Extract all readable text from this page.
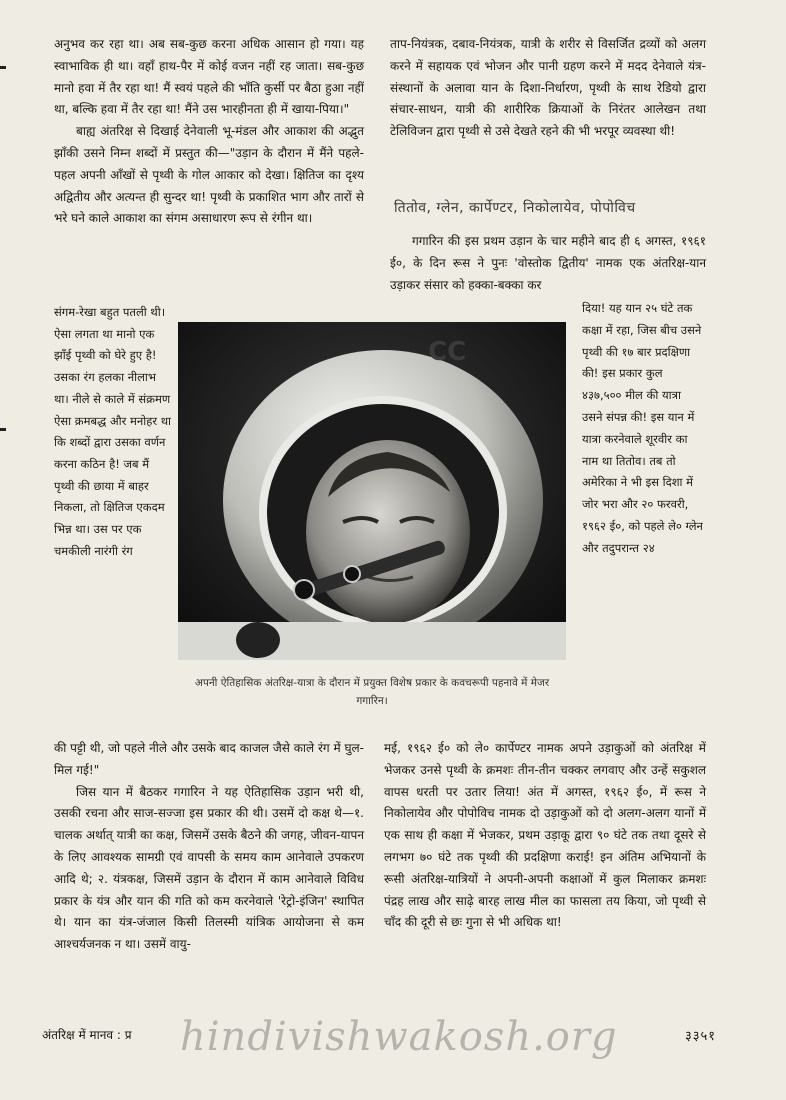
अनुभव कर रहा था। अब सब-कुछ करना अधिक आसान हो गया। यह स्वाभाविक ही था। वहाँ हाथ-पैर में कोई वजन नहीं रह जाता। सब-कुछ मानो हवा में तैर रहा था! मैं स्वयं पहले की भाँति कुर्सी पर बैठा हुआ नहीं था, बल्कि हवा में तैर रहा था! मैंने उस भारहीनता ही में खाया-पिया।"

बाह्य अंतरिक्ष से दिखाई देनेवाली भू-मंडल और आकाश की अद्भुत झाँकी उसने निम्न शब्दों में प्रस्तुत की—"उड़ान के दौरान में मैंने पहले-पहल अपनी आँखों से पृथ्वी के गोल आकार को देखा। क्षितिज का दृश्य अद्वितीय और अत्यन्त ही सुन्दर था! पृथ्वी के प्रकाशित भाग और तारों से भरे घने काले आकाश का संगम असाधारण रूप से रंगीन था।

संगम-रेखा बहुत पतली थी। ऐसा लगता था मानो एक झाँई पृथ्वी को घेरे हुए है! उसका रंग हलका नीलाभ था। नीले से काले में संक्रमण ऐसा क्रमबद्ध और मनोहर था कि शब्दों द्वारा उसका वर्णन करना कठिन है! जब मैं पृथ्वी की छाया में बाहर निकला, तो क्षितिज एकदम भिन्न था। उस पर एक चमकीली नारंगी रंग

की पट्टी थी, जो पहले नीले और उसके बाद काजल जैसे काले रंग में घुल-मिल गई!"

जिस यान में बैठकर गगारिन ने यह ऐतिहासिक उड़ान भरी थी, उसकी रचना और साज-सज्जा इस प्रकार की थी। उसमें दो कक्ष थे—१. चालक अर्थात् यात्री का कक्ष, जिसमें उसके बैठने की जगह, जीवन-यापन के लिए आवश्यक सामग्री एवं वापसी के समय काम आनेवाले उपकरण आदि थे; २. यंत्रकक्ष, जिसमें उड़ान के दौरान में काम आनेवाले विविध प्रकार के यंत्र और यान की गति को कम करनेवाले 'रेट्रो-इंजिन' स्थापित थे। यान का यंत्र-जंजाल किसी तिलस्मी यांत्रिक आयोजना से कम आश्चर्यजनक न था। उसमें वायु-

ताप-नियंत्रक, दबाव-नियंत्रक, यात्री के शरीर से विसर्जित द्रव्यों को अलग करने में सहायक एवं भोजन और पानी ग्रहण करने में मदद देनेवाले यंत्र-संस्थानों के अलावा यान के दिशा-निर्धारण, पृथ्वी के साथ रेडियो द्वारा संचार-साधन, यात्री की शारीरिक क्रियाओं के निरंतर आलेखन तथा टेलिविजन द्वारा पृथ्वी से उसे देखते रहने की भी भरपूर व्यवस्था थी!

तितोव, ग्लेन, कार्पेण्टर, निकोलायेव, पोपोविच

गगारिन की इस प्रथम उड़ान के चार महीने बाद ही ६ अगस्त, १९६१ ई०, के दिन रूस ने पुनः 'वोस्तोक द्वितीय' नामक एक अंतरिक्ष-यान उड़ाकर संसार को हक्का-बक्का कर

दिया! यह यान २५ घंटे तक कक्षा में रहा, जिस बीच उसने पृथ्वी की १७ बार प्रदक्षिणा की! इस प्रकार कुल ४३७,५०० मील की यात्रा उसने संपन्न की! इस यान में यात्रा करनेवाले शूरवीर का नाम था तितोव। तब तो अमेरिका ने भी इस दिशा में जोर भरा और २० फरवरी, १९६२ ई०, को पहले ले० ग्लेन और तदुपरान्त २४

मई, १९६२ ई० को ले० कार्पेण्टर नामक अपने उड़ाकुओं को अंतरिक्ष में भेजकर उनसे पृथ्वी के क्रमशः तीन-तीन चक्कर लगवाए और उन्हें सकुशल वापस धरती पर उतार लिया! अंत में अगस्त, १९६२ ई०, में रूस ने निकोलायेव और पोपोविच नामक दो उड़ाकुओं को दो अलग-अलग यानों में एक साथ ही कक्षा में भेजकर, प्रथम उड़ाकू द्वारा ९० घंटे तक तथा दूसरे से लगभग ७० घंटे तक पृथ्वी की प्रदक्षिणा कराई! इन अंतिम अभियानों के रूसी अंतरिक्ष-यात्रियों ने अपनी-अपनी कक्षाओं में कुल मिलाकर क्रमशः पंद्रह लाख और साढ़े बारह लाख मील का फासला तय किया, जो पृथ्वी से चाँद की दूरी से छः गुना से भी अधिक था!

СС
अपनी ऐतिहासिक अंतरिक्ष-यात्रा के दौरान में प्रयुक्त विशेष प्रकार के कवचरूपी पहनावे में मेजर गगारिन।
अंतरिक्ष में मानव : प्र hindivishwakosh.org	३३५१
